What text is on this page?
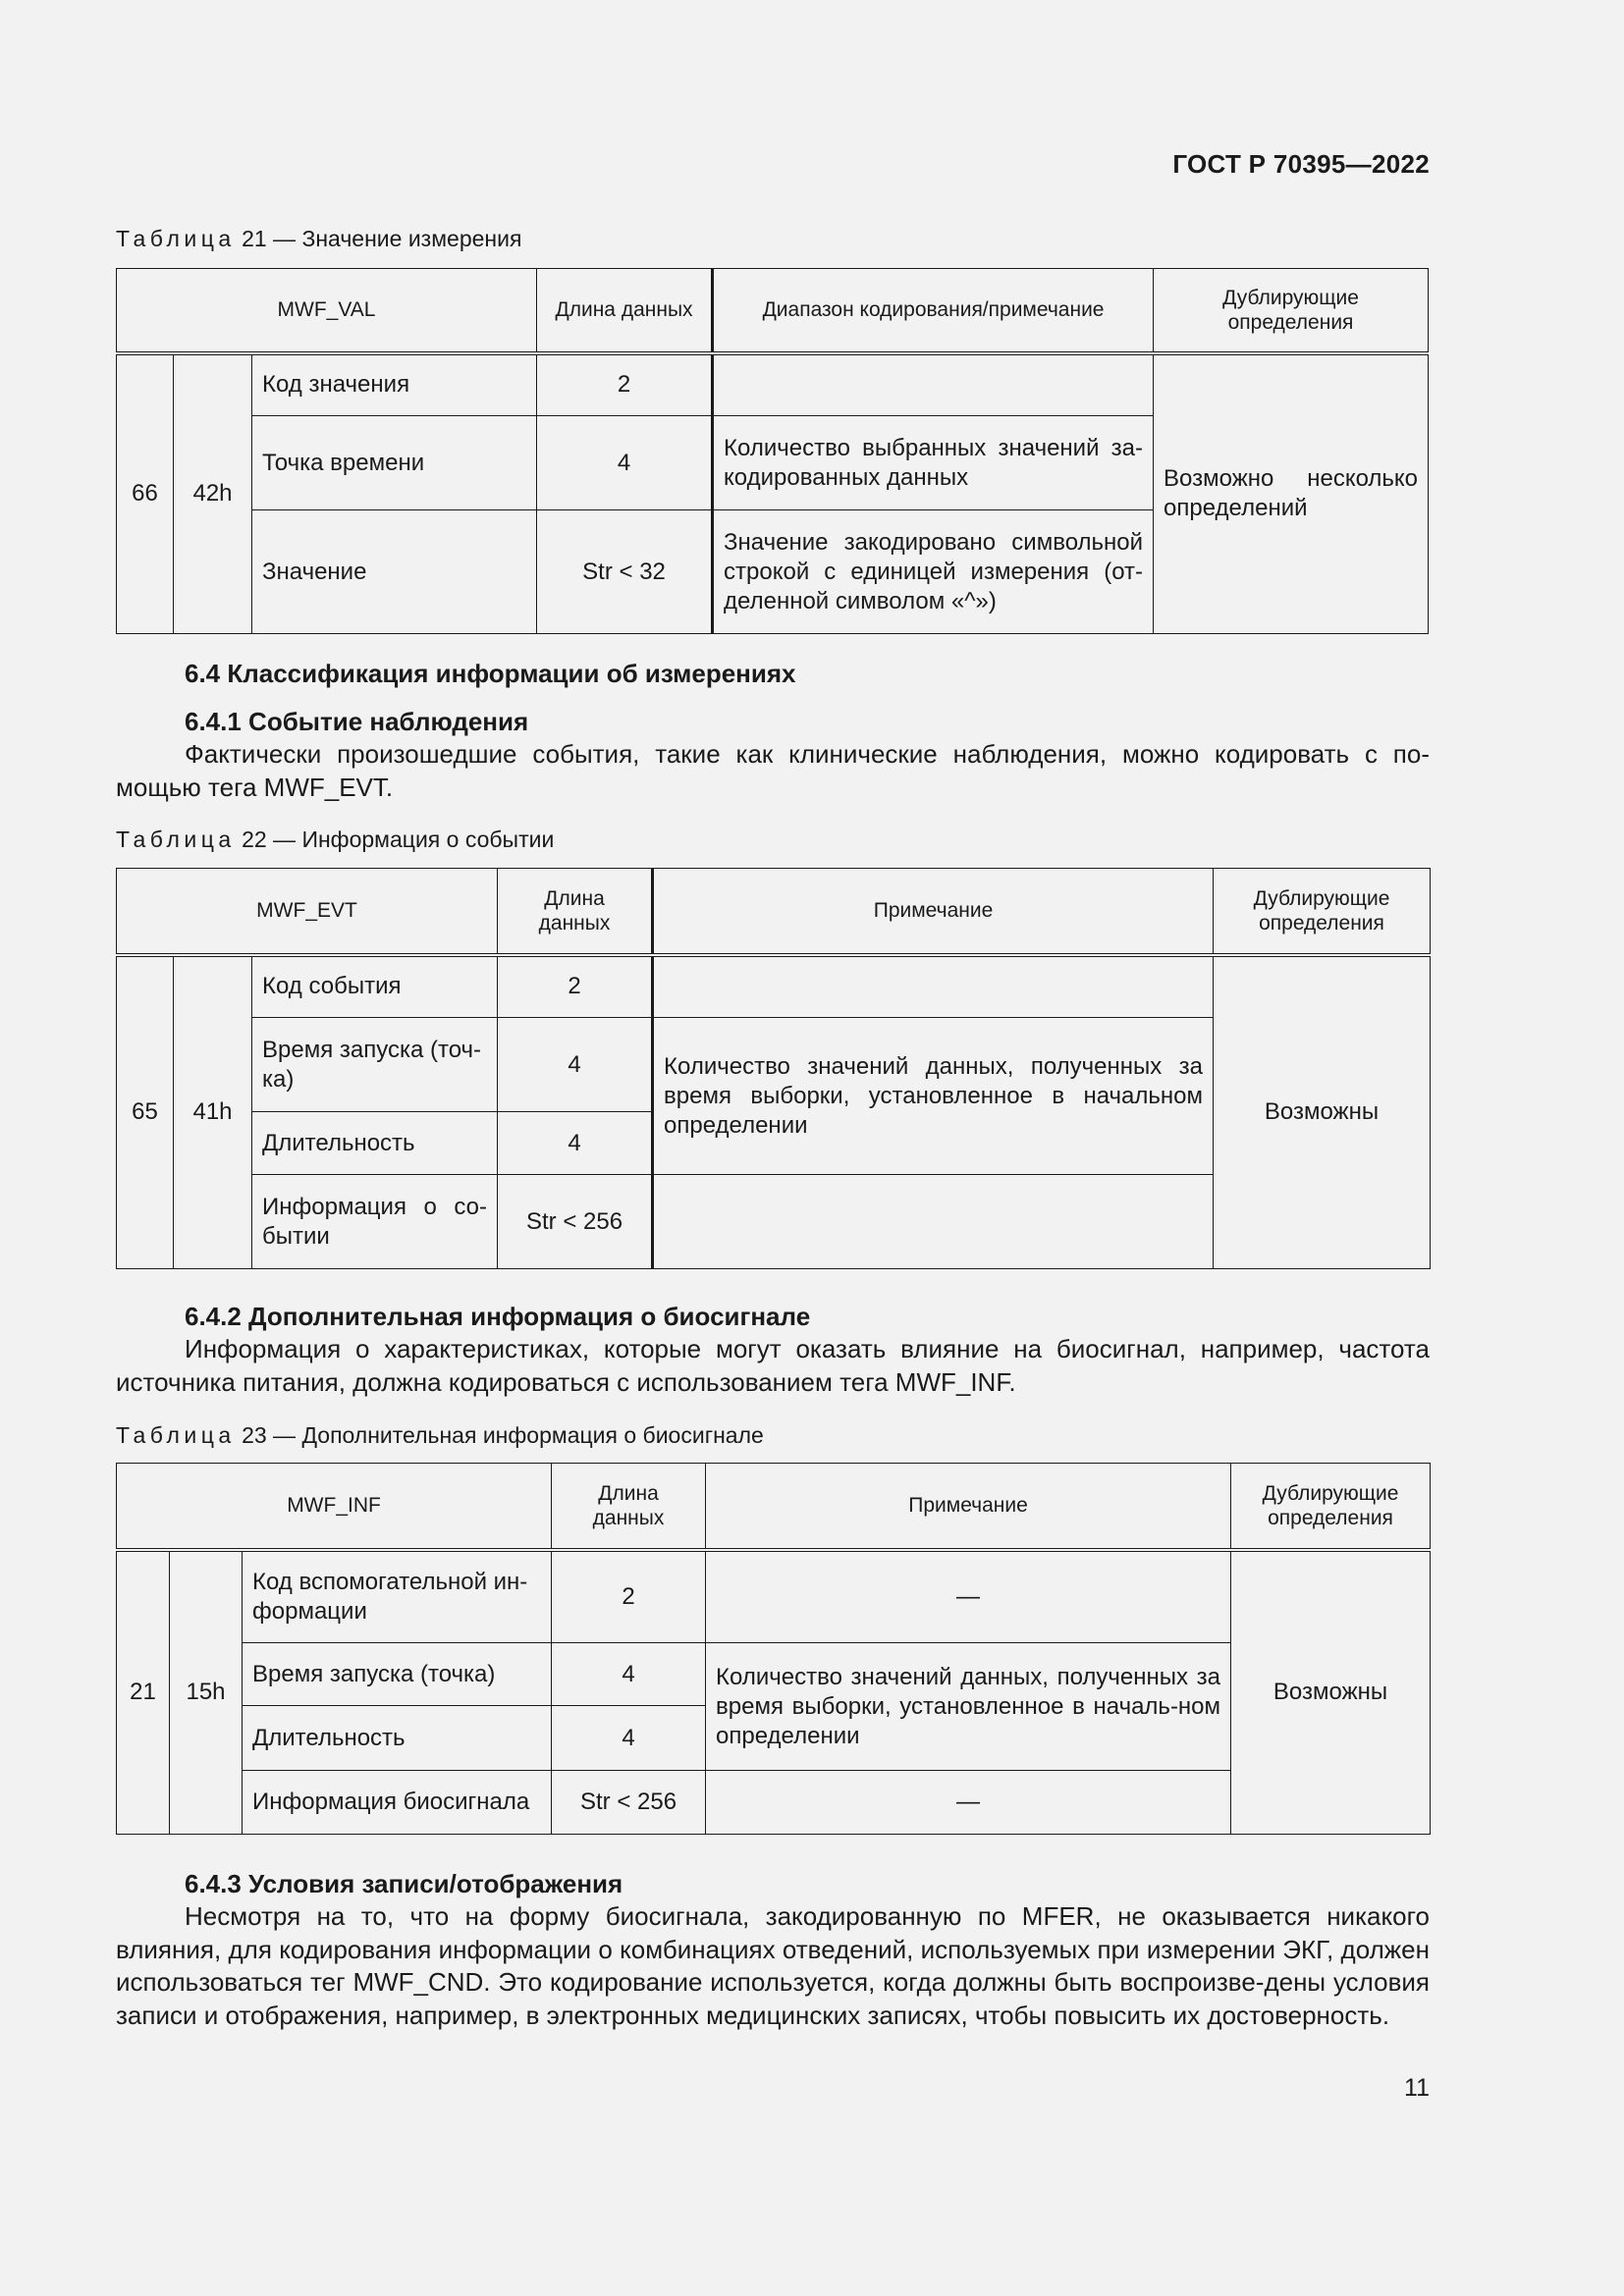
ГОСТ Р 70395—2022
Таблица 21 — Значение измерения
MWF_VAL			Длина данных	Диапазон кодирования/примечание	Дублирующие определения
66	42h	Код значения	2		Возможно несколько определений
		Точка времени	4	Количество выбранных значений за-кодированных данных	
		Значение	Str < 32	Значение закодировано символьной строкой с единицей измерения (от-деленной символом «^»)	
6.4 Классификация информации об измерениях
6.4.1 Событие наблюдения
Фактически произошедшие события, такие как клинические наблюдения, можно кодировать с по-мощью тега MWF_EVT.
Таблица 22 — Информация о событии
MWF_EVT			Длина данных	Примечание	Дублирующие определения
65	41h	Код события	2		Возможны
		Время запуска (точ-ка)	4	Количество значений данных, полученных за время выборки, установленное в начальном определении	
		Длительность	4		
		Информация о со-бытии	Str < 256		
6.4.2 Дополнительная информация о биосигнале
Информация о характеристиках, которые могут оказать влияние на биосигнал, например, частота источника питания, должна кодироваться с использованием тега MWF_INF.
Таблица 23 — Дополнительная информация о биосигнале
MWF_INF			Длина данных	Примечание	Дублирующие определения
21	15h	Код вспомогательной ин-формации	2	—	Возможны
		Время запуска (точка)	4	Количество значений данных, полученных за время выборки, установленное в началь-ном определении	
		Длительность	4		
		Информация биосигнала	Str < 256	—	
6.4.3 Условия записи/отображения
Несмотря на то, что на форму биосигнала, закодированную по MFER, не оказывается никакого влияния, для кодирования информации о комбинациях отведений, используемых при измерении ЭКГ, должен использоваться тег MWF_CND. Это кодирование используется, когда должны быть воспроизве-дены условия записи и отображения, например, в электронных медицинских записях, чтобы повысить их достоверность.
11
